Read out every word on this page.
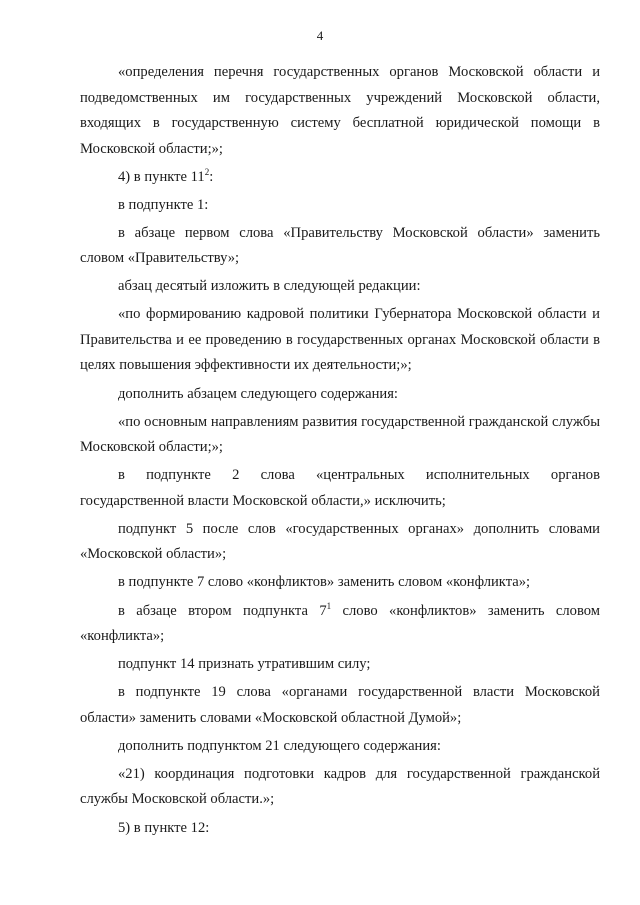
4

«определения перечня государственных органов Московской области и подведомственных им государственных учреждений Московской области, входящих в государственную систему бесплатной юридической помощи в Московской области;»;

4) в пункте $11^2$:

в подпункте 1:

в абзаце первом слова «Правительству Московской области» заменить словом «Правительству»;

абзац десятый изложить в следующей редакции:

«по формированию кадровой политики Губернатора Московской области и Правительства и ее проведению в государственных органах Московской области в целях повышения эффективности их деятельности;»;

дополнить абзацем следующего содержания:

«по основным направлениям развития государственной гражданской службы Московской области;»;

в подпункте 2 слова «центральных исполнительных органов государственной власти Московской области,» исключить;

подпункт 5 после слов «государственных органах» дополнить словами «Московской области»;

в подпункте 7 слово «конфликтов» заменить словом «конфликта»;

в абзаце втором подпункта $7^1$ слово «конфликтов» заменить словом «конфликта»;

подпункт 14 признать утратившим силу;

в подпункте 19 слова «органами государственной власти Московской области» заменить словами «Московской областной Думой»;

дополнить подпунктом 21 следующего содержания:

«21) координация подготовки кадров для государственной гражданской службы Московской области.»;

5) в пункте 12:
